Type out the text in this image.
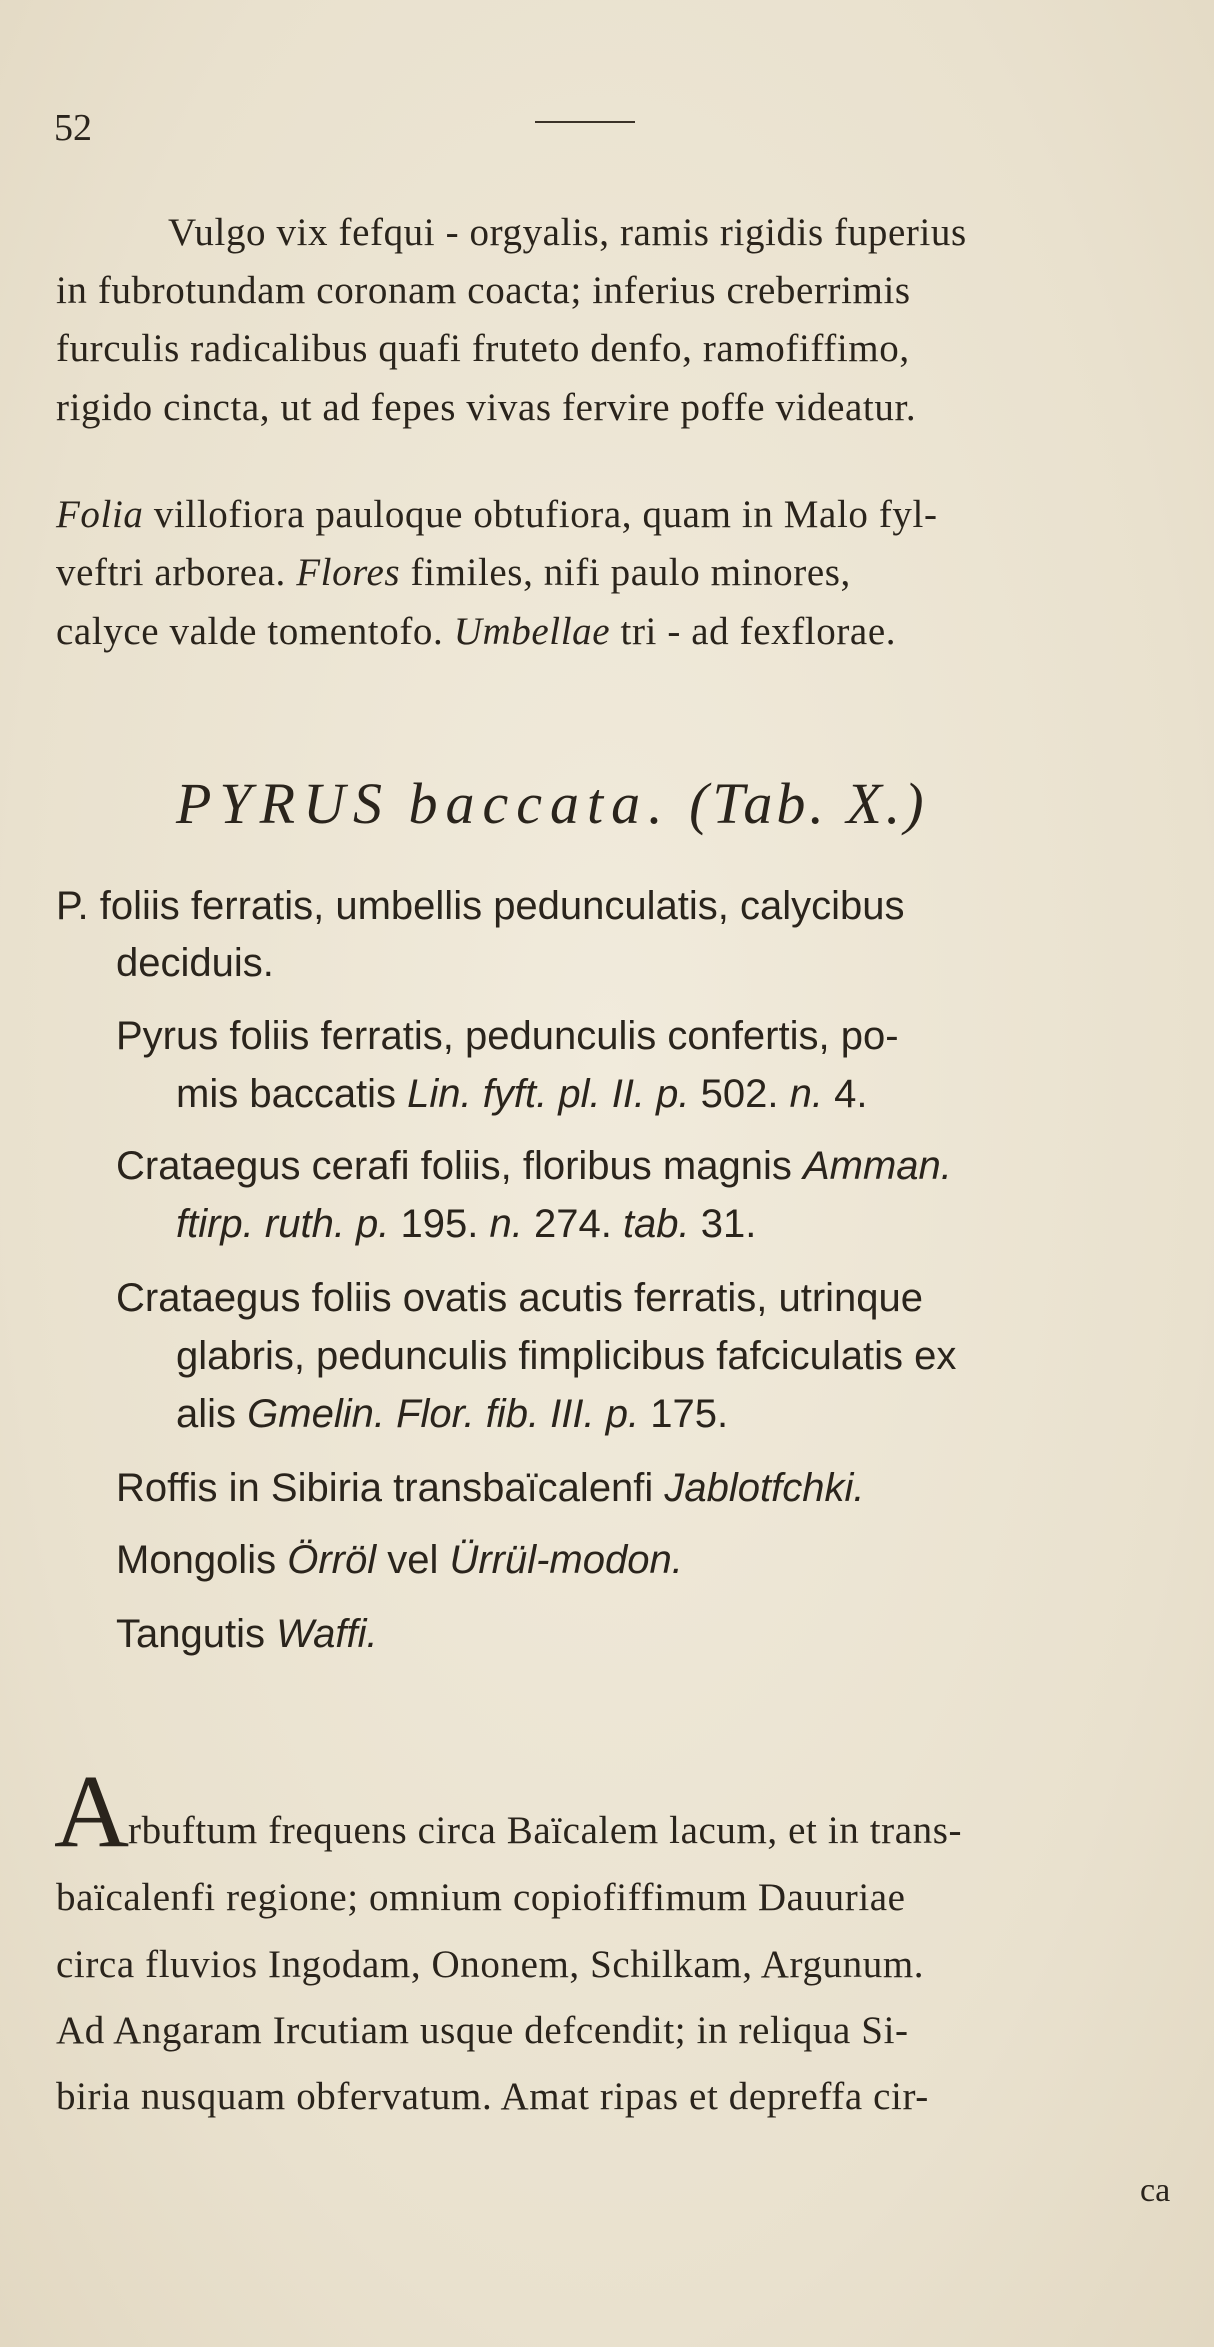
52
Vulgo vix fefqui - orgyalis, ramis rigidis fuperius
in fubrotundam coronam coacta; inferius creberrimis
furculis radicalibus quafi fruteto denfo, ramofiffimo,
rigido cincta, ut ad fepes vivas fervire poffe videatur.
Folia villofiora pauloque obtufiora, quam in Malo fyl-
veftri arborea. Flores fimiles, nifi paulo minores,
calyce valde tomentofo. Umbellae tri - ad fexflorae.
PYRUS baccata. (Tab. X.)
P. foliis ferratis, umbellis pedunculatis, calycibus
deciduis.
Pyrus foliis ferratis, pedunculis confertis, po-
mis baccatis Lin. fyft. pl. II. p. 502. n. 4.
Crataegus cerafi foliis, floribus magnis Amman.
ftirp. ruth. p. 195. n. 274. tab. 31.
Crataegus foliis ovatis acutis ferratis, utrinque
glabris, pedunculis fimplicibus fafciculatis ex
alis Gmelin. Flor. fib. III. p. 175.
Roffis in Sibiria transbaïcalenfi Jablotfchki.
Mongolis Örröl vel Ürrül-modon.
Tangutis Waffi.
A
rbuftum frequens circa Baïcalem lacum, et in trans-
baïcalenfi regione; omnium copiofiffimum Dauuriae
circa fluvios Ingodam, Ononem, Schilkam, Argunum.
Ad Angaram Ircutiam usque defcendit; in reliqua Si-
biria nusquam obfervatum. Amat ripas et depreffa cir-
ca
